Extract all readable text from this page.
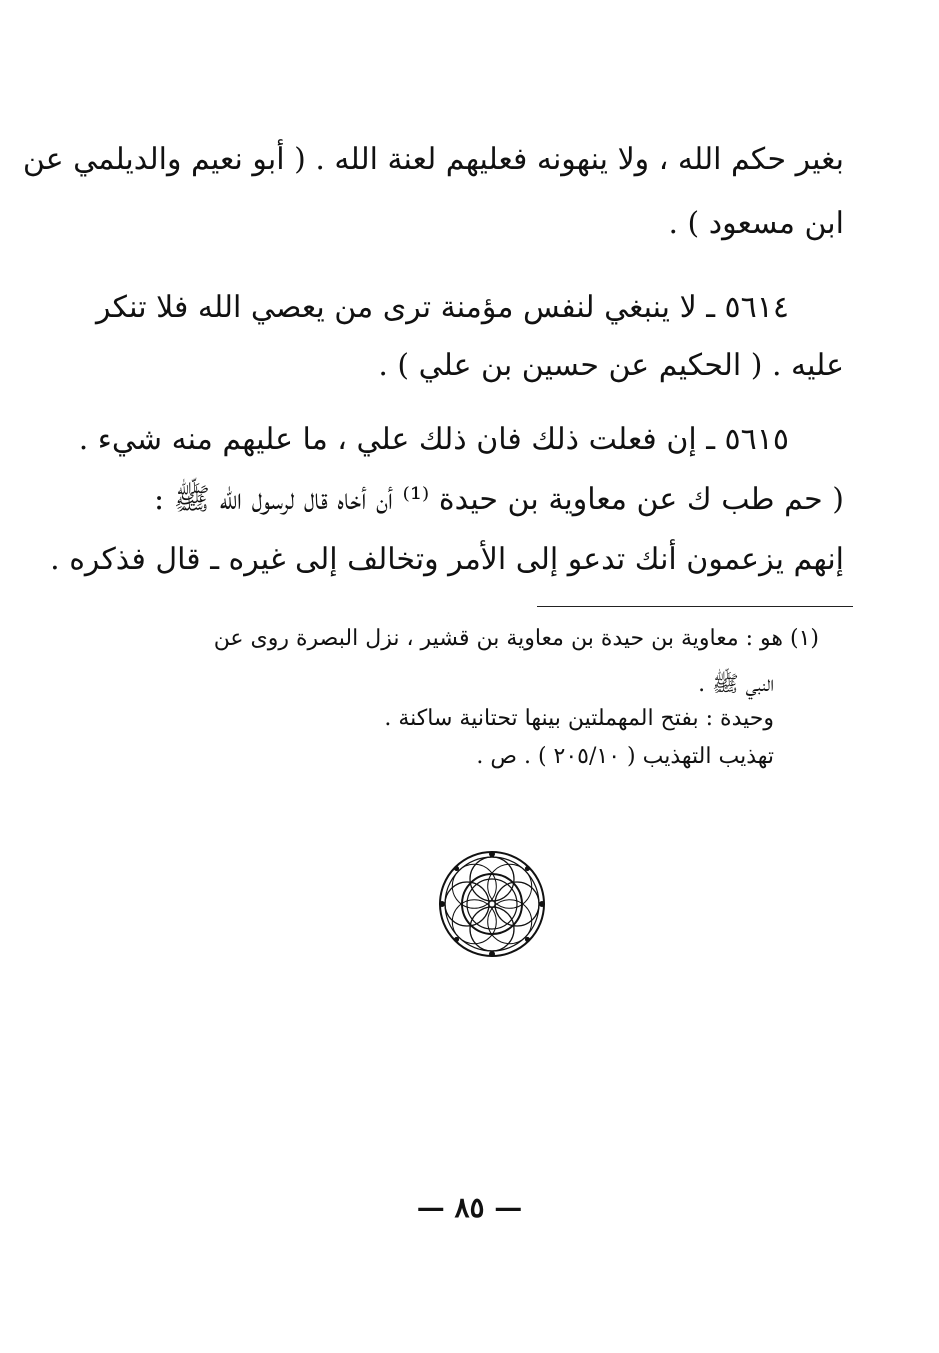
بغير حكم الله ، ولا ينهونه فعليهم لعنة الله . ( أبو نعيم والديلمي عن
ابن مسعود ) .
٥٦١٤ ـ لا ينبغي لنفس مؤمنة ترى من يعصي الله فلا تنكر
عليه . ( الحكيم عن حسين بن علي ) .
٥٦١٥ ـ إن فعلت ذلك فان ذلك علي ، ما عليهم منه شيء .
( حم طب ك عن معاوية بن حيدة ⁽¹⁾ أن أخاه قال لرسول الله ﷺ :
إنهم يزعمون أنك تدعو إلى الأمر وتخالف إلى غيره ـ قال فذكره .
(١) هو : معاوية بن حيدة بن معاوية بن قشير ، نزل البصرة روى عن
النبي ﷺ .
وحيدة : بفتح المهملتين بينها تحتانية ساكنة .
تهذيب التهذيب ( ٢٠٥/١٠ ) . ص .
— ٨٥ —
